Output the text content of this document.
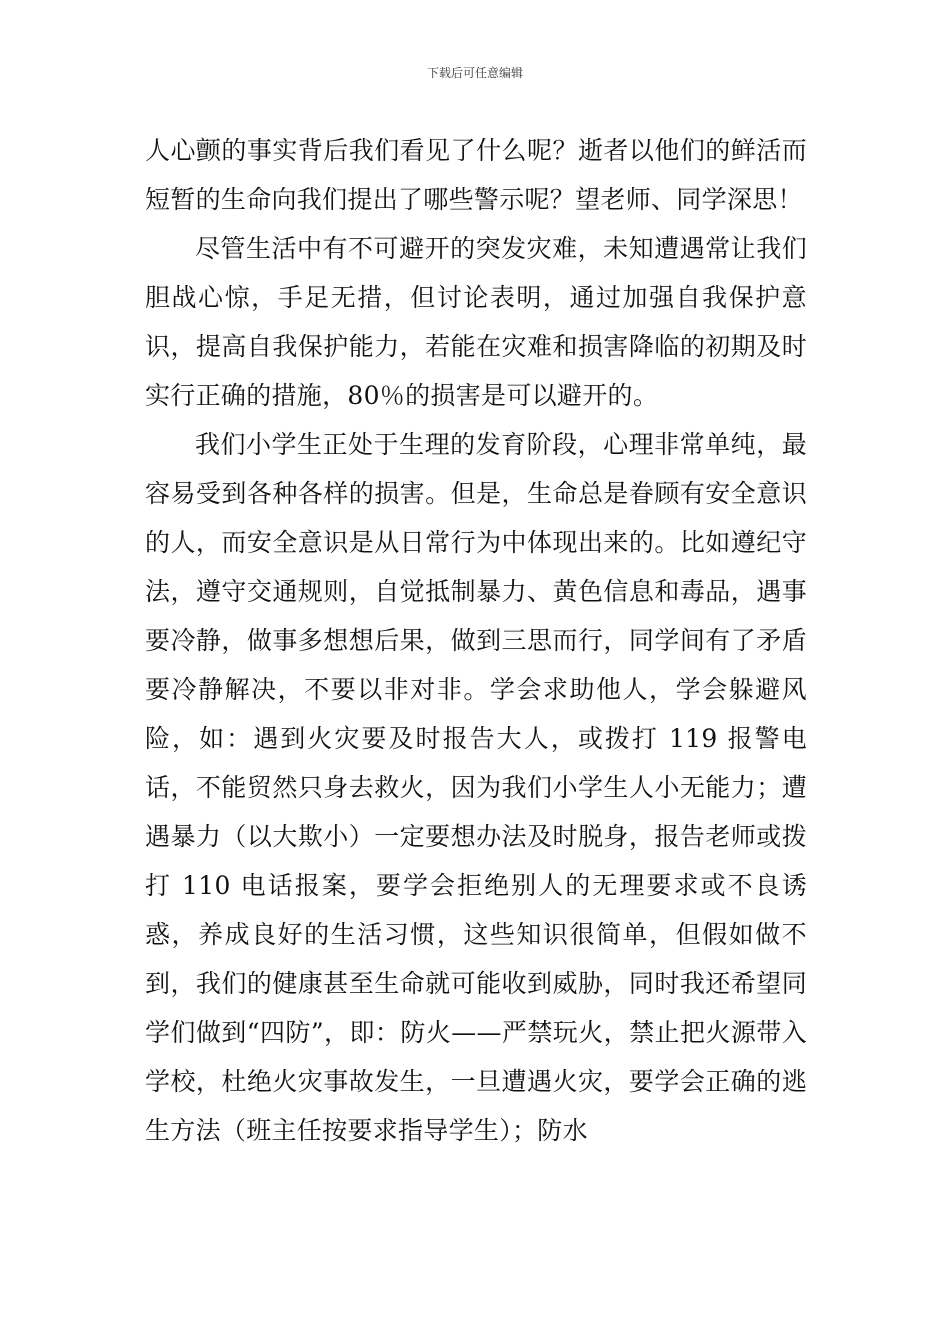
下载后可任意编辑

人心颤的事实背后我们看见了什么呢？逝者以他们的鲜活而短暂的生命向我们提出了哪些警示呢？望老师、同学深思！

尽管生活中有不可避开的突发灾难，未知遭遇常让我们胆战心惊，手足无措，但讨论表明，通过加强自我保护意识，提高自我保护能力，若能在灾难和损害降临的初期及时实行正确的措施，80％的损害是可以避开的。

我们小学生正处于生理的发育阶段，心理非常单纯，最容易受到各种各样的损害。但是，生命总是眷顾有安全意识的人，而安全意识是从日常行为中体现出来的。比如遵纪守法，遵守交通规则，自觉抵制暴力、黄色信息和毒品，遇事要冷静，做事多想想后果，做到三思而行，同学间有了矛盾要冷静解决，不要以非对非。学会求助他人，学会躲避风险，如：遇到火灾要及时报告大人，或拨打 119 报警电话，不能贸然只身去救火，因为我们小学生人小无能力；遭遇暴力（以大欺小）一定要想办法及时脱身，报告老师或拨打 110 电话报案，要学会拒绝别人的无理要求或不良诱惑，养成良好的生活习惯，这些知识很简单，但假如做不到，我们的健康甚至生命就可能收到威胁，同时我还希望同学们做到“四防”，即：防火——严禁玩火，禁止把火源带入学校，杜绝火灾事故发生，一旦遭遇火灾，要学会正确的逃生方法（班主任按要求指导学生）；防水
